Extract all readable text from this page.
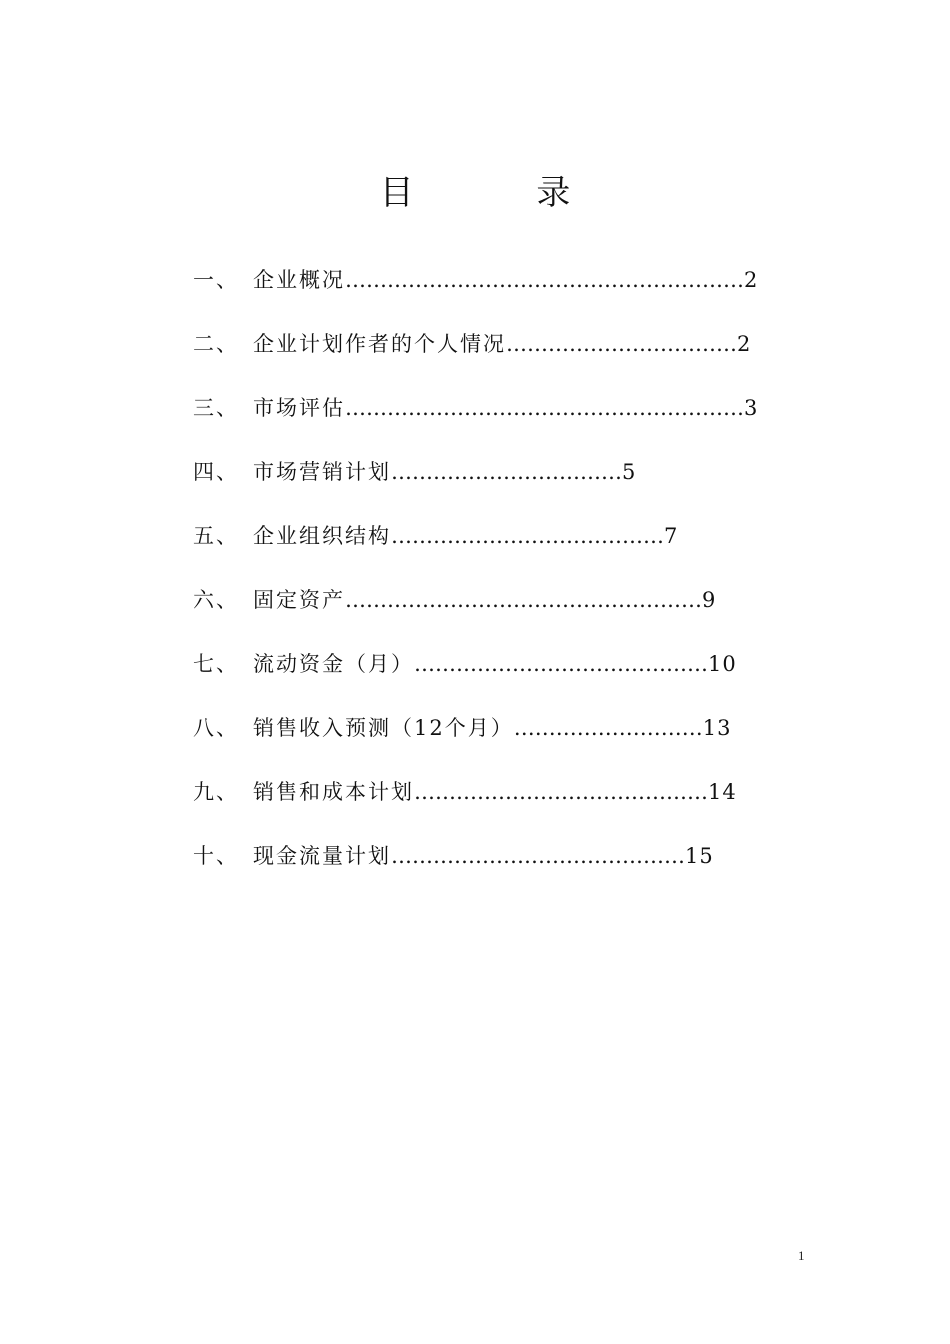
目 录
一、 企业概况 ………………………………………………… 2
二、 企业计划作者的个人情况 …………………………… 2
三、 市场评估 ………………………………………………… 3
四、 市场营销计划 …………………………… 5
五、 企业组织结构 ………………………………… 7
六、 固定资产 …………………………………………… 9
七、 流动资金（月） …………………………………… 10
八、 销售收入预测（12个月） ……………………… 13
九、 销售和成本计划 …………………………………… 14
十、 现金流量计划 …………………………………… 15
1
